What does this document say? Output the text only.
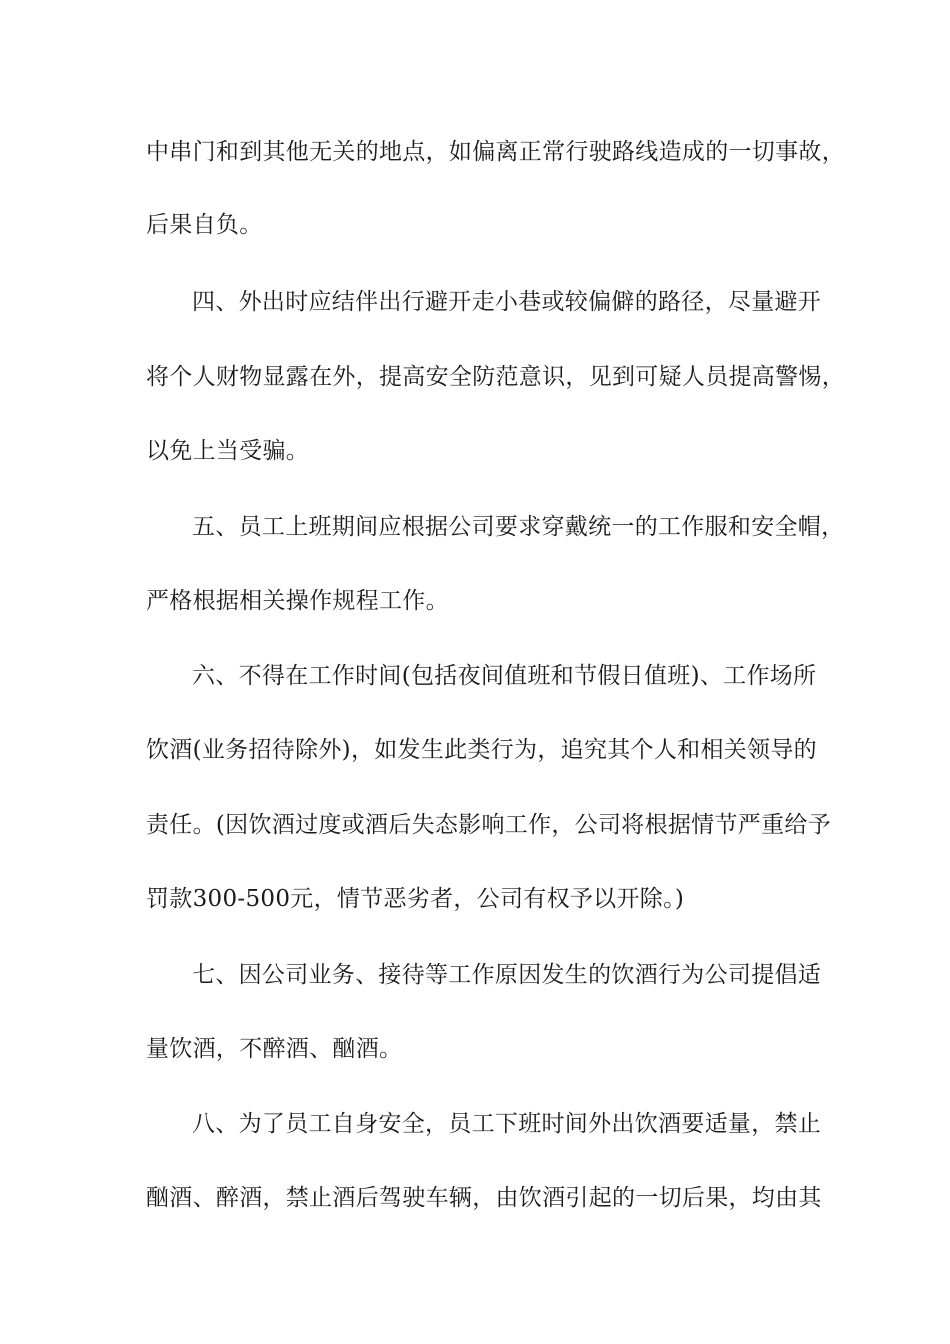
中串门和到其他无关的地点，如偏离正常行驶路线造成的一切事故，
后果自负。
四、外出时应结伴出行避开走小巷或较偏僻的路径，尽量避开
将个人财物显露在外，提高安全防范意识，见到可疑人员提高警惕，
以免上当受骗。
五、员工上班期间应根据公司要求穿戴统一的工作服和安全帽，
严格根据相关操作规程工作。
六、不得在工作时间(包括夜间值班和节假日值班)、工作场所
饮酒(业务招待除外)，如发生此类行为，追究其个人和相关领导的
责任。(因饮酒过度或酒后失态影响工作，公司将根据情节严重给予
罚款300-500元，情节恶劣者，公司有权予以开除。)
七、因公司业务、接待等工作原因发生的饮酒行为公司提倡适
量饮酒，不醉酒、酗酒。
八、为了员工自身安全，员工下班时间外出饮酒要适量，禁止
酗酒、醉酒，禁止酒后驾驶车辆，由饮酒引起的一切后果，均由其
